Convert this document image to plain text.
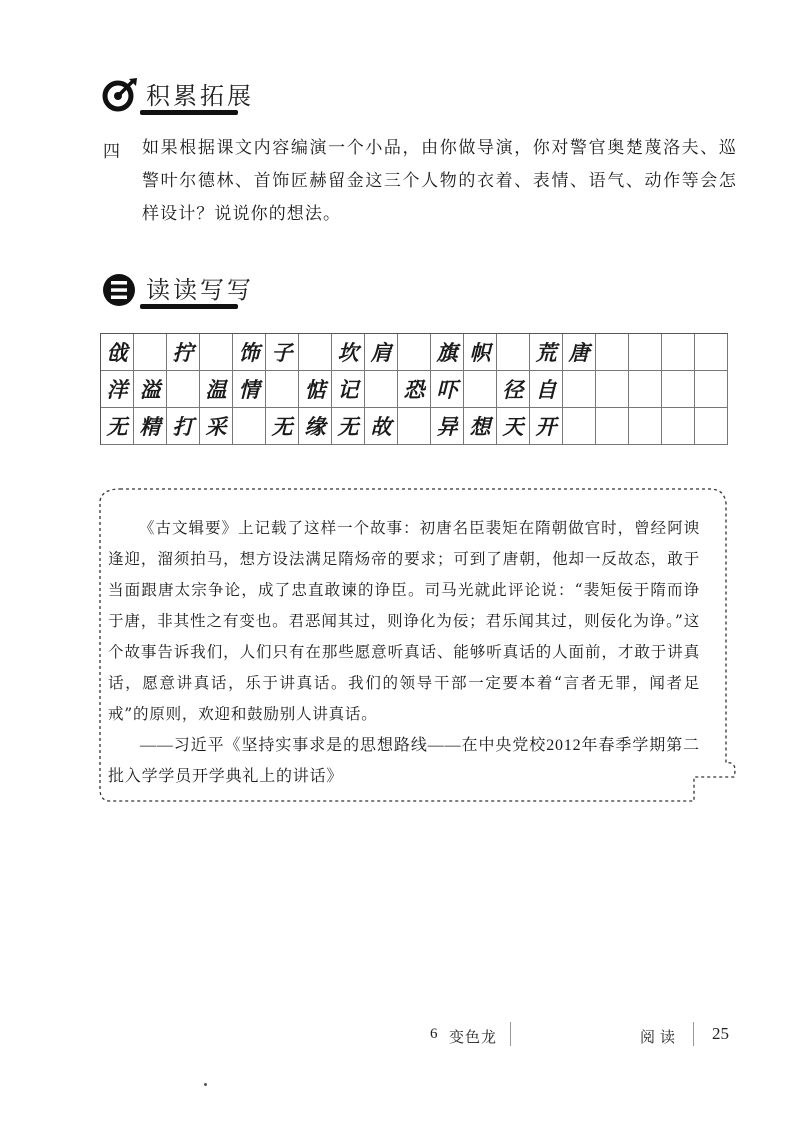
积累拓展
四 如果根据课文内容编演一个小品，由你做导演，你对警官奥楚蔑洛夫、巡警叶尔德林、首饰匠赫留金这三个人物的衣着、表情、语气、动作等会怎样设计？说说你的想法。
读读写写
戗	拧	饰 子	坎 肩	旗 帜	荒 唐
洋 溢	温 情	惦 记	恐 吓	径 自
无 精 打 采	无 缘 无 故	异 想 天 开

《古文辑要》上记载了这样一个故事：初唐名臣裴矩在隋朝做官时，曾经阿谀逢迎，溜须拍马，想方设法满足隋炀帝的要求；可到了唐朝，他却一反故态，敢于当面跟唐太宗争论，成了忠直敢谏的诤臣。司马光就此评论说：“裴矩佞于隋而诤于唐，非其性之有变也。君恶闻其过，则诤化为佞；君乐闻其过，则佞化为诤。”这个故事告诉我们，人们只有在那些愿意听真话、能够听真话的人面前，才敢于讲真话，愿意讲真话，乐于讲真话。我们的领导干部一定要本着“言者无罪，闻者足戒”的原则，欢迎和鼓励别人讲真话。

——习近平《坚持实事求是的思想路线——在中央党校2012年春季学期第二批入学学员开学典礼上的讲话》

6 变色龙	阅读 25
